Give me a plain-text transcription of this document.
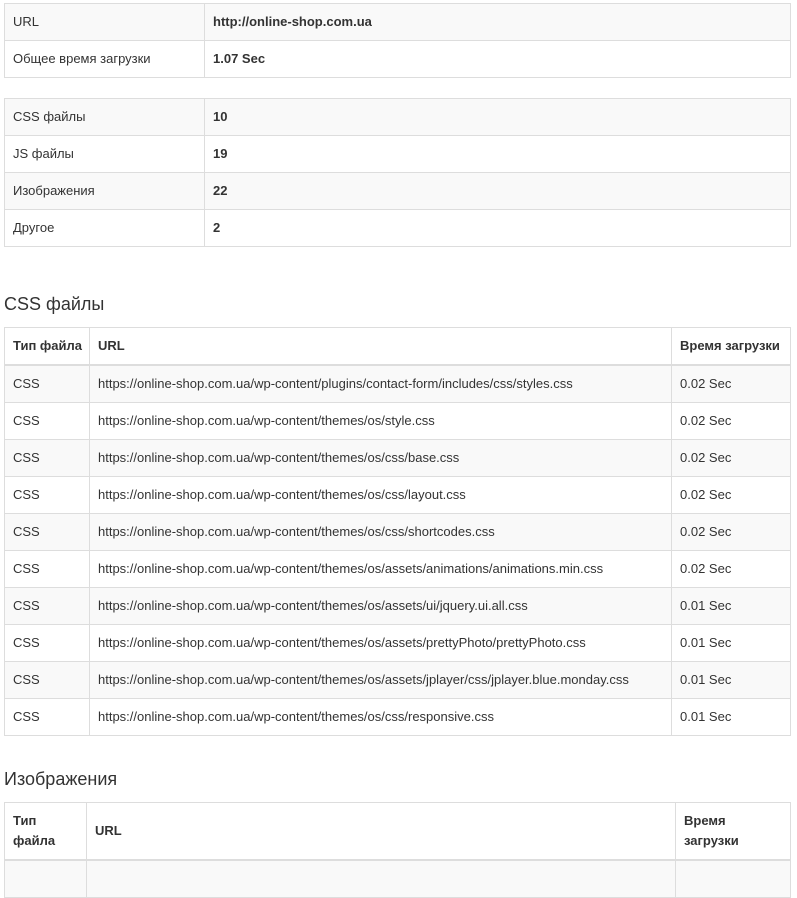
URL	http://online-shop.com.ua
Общее время загрузки	1.07 Sec
CSS файлы	10
JS файлы	19
Изображения	22
Другое	2
CSS файлы
Тип файла	URL	Время загрузки
CSS	https://online-shop.com.ua/wp-content/plugins/contact-form/includes/css/styles.css	0.02 Sec
CSS	https://online-shop.com.ua/wp-content/themes/os/style.css	0.02 Sec
CSS	https://online-shop.com.ua/wp-content/themes/os/css/base.css	0.02 Sec
CSS	https://online-shop.com.ua/wp-content/themes/os/css/layout.css	0.02 Sec
CSS	https://online-shop.com.ua/wp-content/themes/os/css/shortcodes.css	0.02 Sec
CSS	https://online-shop.com.ua/wp-content/themes/os/assets/animations/animations.min.css	0.02 Sec
CSS	https://online-shop.com.ua/wp-content/themes/os/assets/ui/jquery.ui.all.css	0.01 Sec
CSS	https://online-shop.com.ua/wp-content/themes/os/assets/prettyPhoto/prettyPhoto.css	0.01 Sec
CSS	https://online-shop.com.ua/wp-content/themes/os/assets/jplayer/css/jplayer.blue.monday.css	0.01 Sec
CSS	https://online-shop.com.ua/wp-content/themes/os/css/responsive.css	0.01 Sec
Изображения
Тип файла	URL	Время загрузки
